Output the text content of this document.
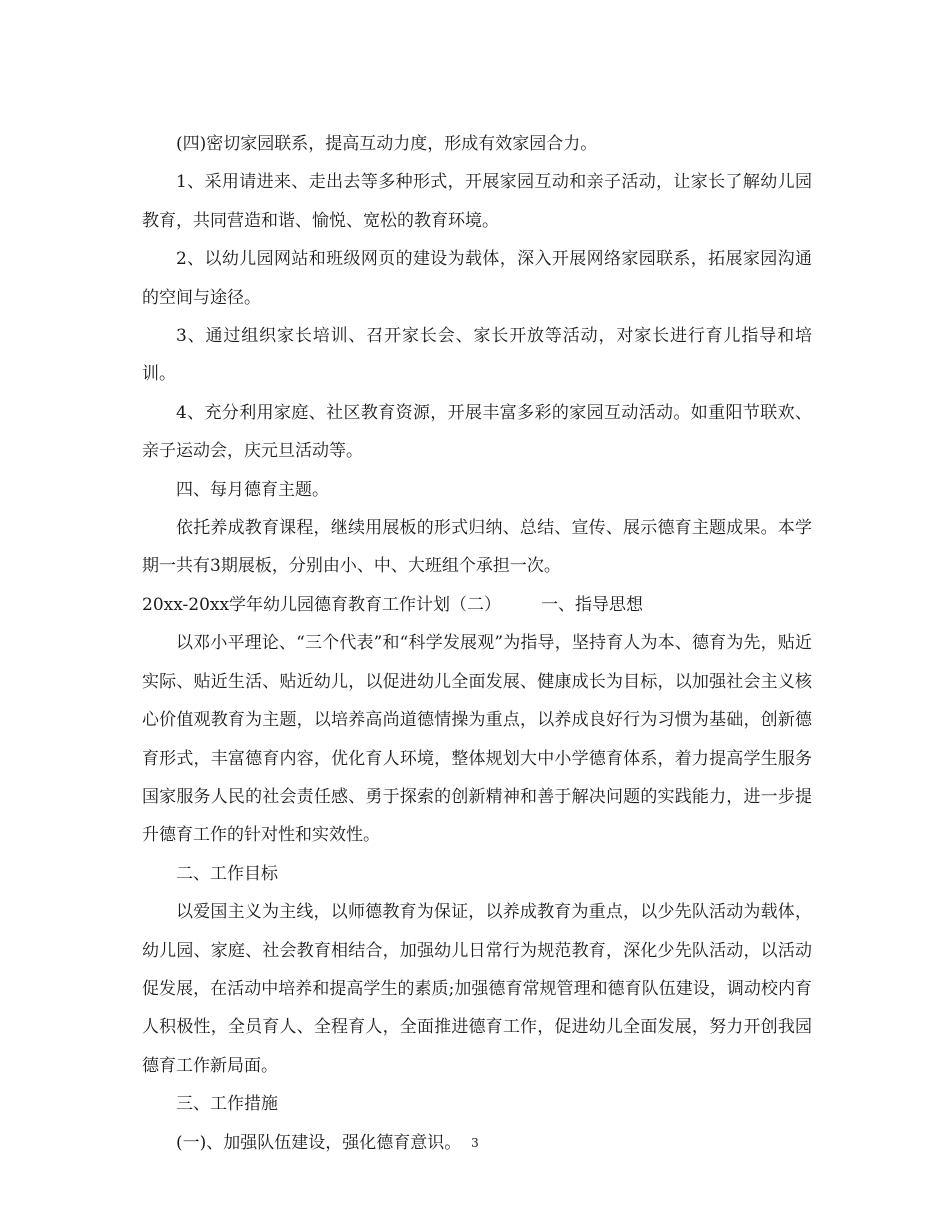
(四)密切家园联系，提高互动力度，形成有效家园合力。

1、采用请进来、走出去等多种形式，开展家园互动和亲子活动，让家长了解幼儿园教育，共同营造和谐、愉悦、宽松的教育环境。

2、以幼儿园网站和班级网页的建设为载体，深入开展网络家园联系，拓展家园沟通的空间与途径。

3、通过组织家长培训、召开家长会、家长开放等活动，对家长进行育儿指导和培训。

4、充分利用家庭、社区教育资源，开展丰富多彩的家园互动活动。如重阳节联欢、亲子运动会，庆元旦活动等。

四、每月德育主题。

依托养成教育课程，继续用展板的形式归纳、总结、宣传、展示德育主题成果。本学期一共有3期展板，分别由小、中、大班组个承担一次。

20xx-20xx学年幼儿园德育教育工作计划（二） 一、指导思想

以邓小平理论、“三个代表”和“科学发展观”为指导，坚持育人为本、德育为先，贴近实际、贴近生活、贴近幼儿，以促进幼儿全面发展、健康成长为目标，以加强社会主义核心价值观教育为主题，以培养高尚道德情操为重点，以养成良好行为习惯为基础，创新德育形式，丰富德育内容，优化育人环境，整体规划大中小学德育体系，着力提高学生服务国家服务人民的社会责任感、勇于探索的创新精神和善于解决问题的实践能力，进一步提升德育工作的针对性和实效性。

二、工作目标

以爱国主义为主线，以师德教育为保证，以养成教育为重点，以少先队活动为载体，幼儿园、家庭、社会教育相结合，加强幼儿日常行为规范教育，深化少先队活动，以活动促发展，在活动中培养和提高学生的素质;加强德育常规管理和德育队伍建设，调动校内育人积极性，全员育人、全程育人，全面推进德育工作，促进幼儿全面发展，努力开创我园德育工作新局面。

三、工作措施

(一)、加强队伍建设，强化德育意识。 3
